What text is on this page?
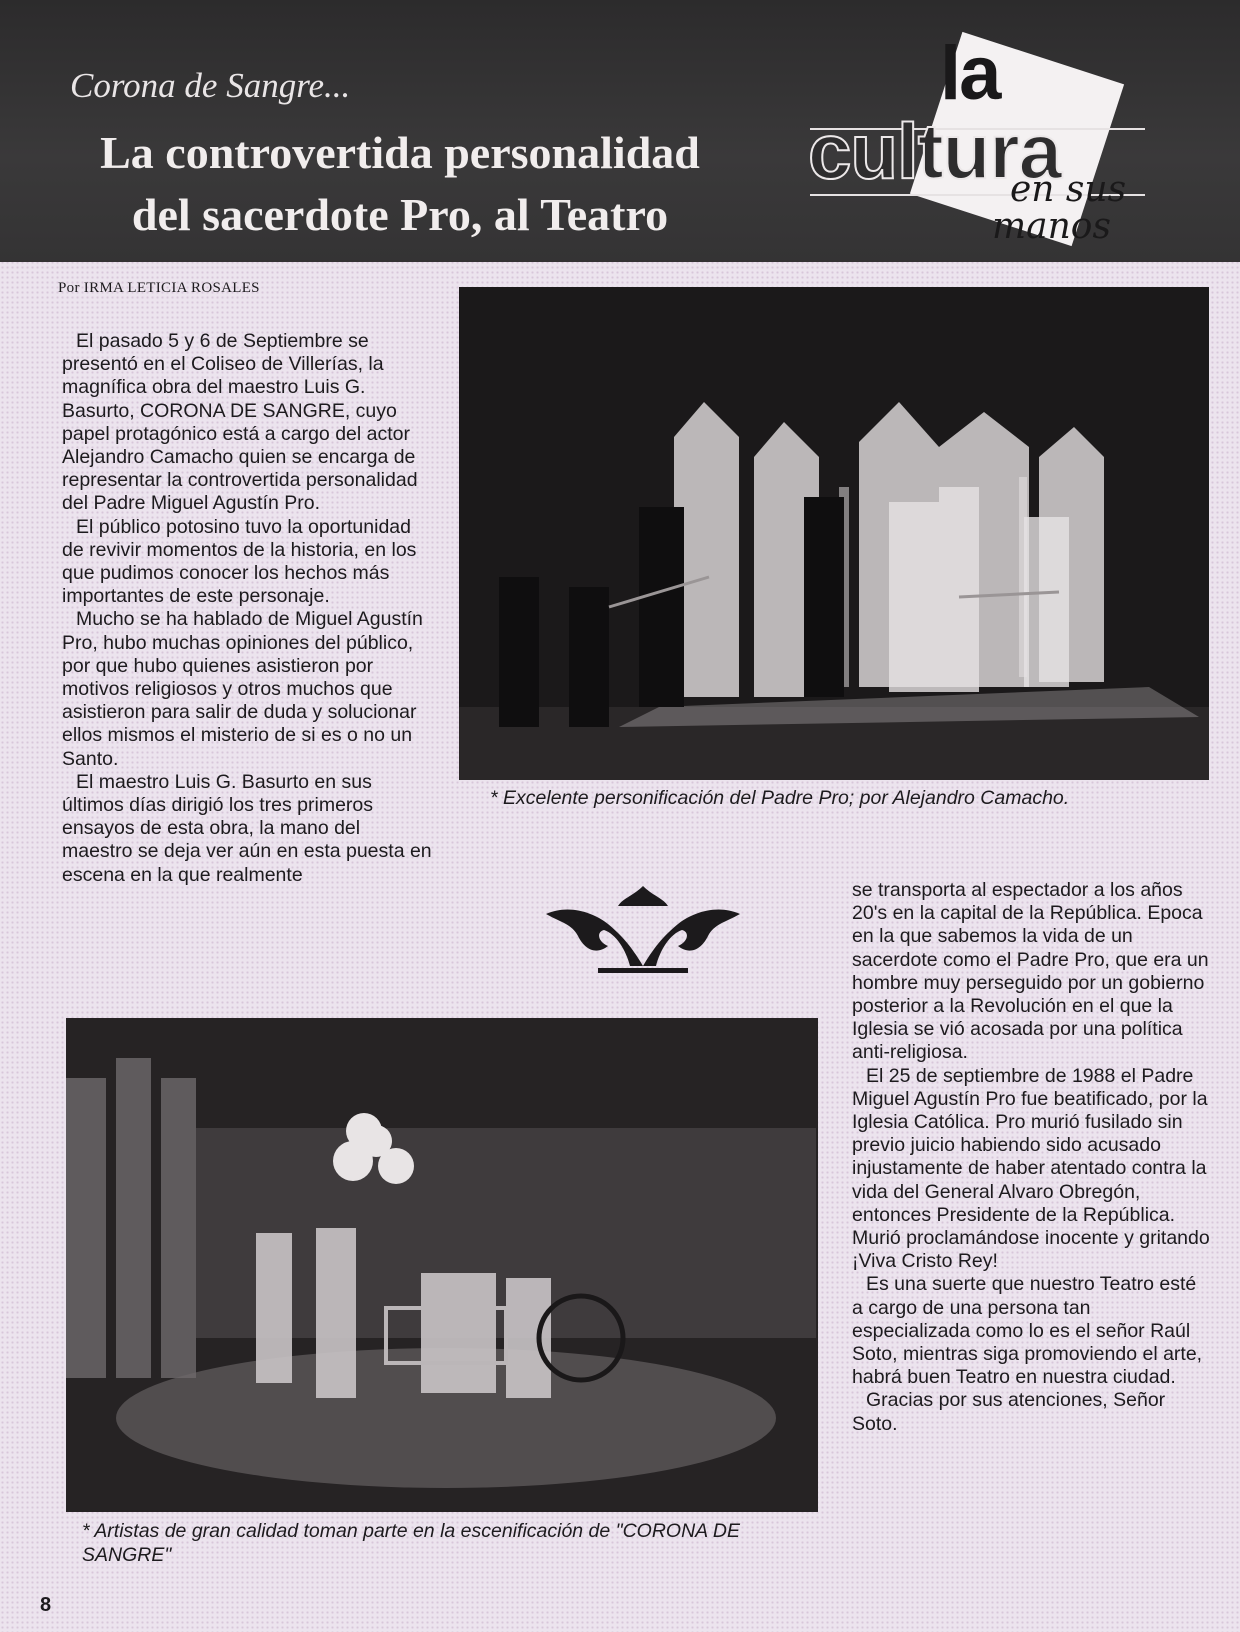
Corona de Sangre...
La controvertida personalidad
del sacerdote Pro, al Teatro
la
cultura
en sus
manos
Por IRMA LETICIA ROSALES

El pasado 5 y 6 de Septiembre se presentó en el Coliseo de Villerías, la magnífica obra del maestro Luis G. Basurto, CORONA DE SANGRE, cuyo papel protagónico está a cargo del actor Alejandro Camacho quien se encarga de representar la controvertida personalidad del Padre Miguel Agustín Pro.

El público potosino tuvo la oportunidad de revivir momentos de la historia, en los que pudimos conocer los hechos más importantes de este personaje.

Mucho se ha hablado de Miguel Agustín Pro, hubo muchas opiniones del público, por que hubo quienes asistieron por motivos religiosos y otros muchos que asistieron para salir de duda y solucionar ellos mismos el misterio de si es o no un Santo.

El maestro Luis G. Basurto en sus últimos días dirigió los tres primeros ensayos de esta obra, la mano del maestro se deja ver aún en esta puesta en escena en la que realmente

* Excelente personificación del Padre Pro; por Alejandro Camacho.

se transporta al espectador a los años 20's en la capital de la República. Epoca en la que sabemos la vida de un sacerdote como el Padre Pro, que era un hombre muy perseguido por un gobierno posterior a la Revolución en el que la Iglesia se vió acosada por una política anti-religiosa.

El 25 de septiembre de 1988 el Padre Miguel Agustín Pro fue beatificado, por la Iglesia Católica. Pro murió fusilado sin previo juicio habiendo sido acusado injustamente de haber atentado contra la vida del General Alvaro Obregón, entonces Presidente de la República. Murió proclamándose inocente y gritando ¡Viva Cristo Rey!

Es una suerte que nuestro Teatro esté a cargo de una persona tan especializada como lo es el señor Raúl Soto, mientras siga promoviendo el arte, habrá buen Teatro en nuestra ciudad.

Gracias por sus atenciones, Señor Soto.

* Artistas de gran calidad toman parte en la escenificación de "CORONA DE SANGRE"
8
